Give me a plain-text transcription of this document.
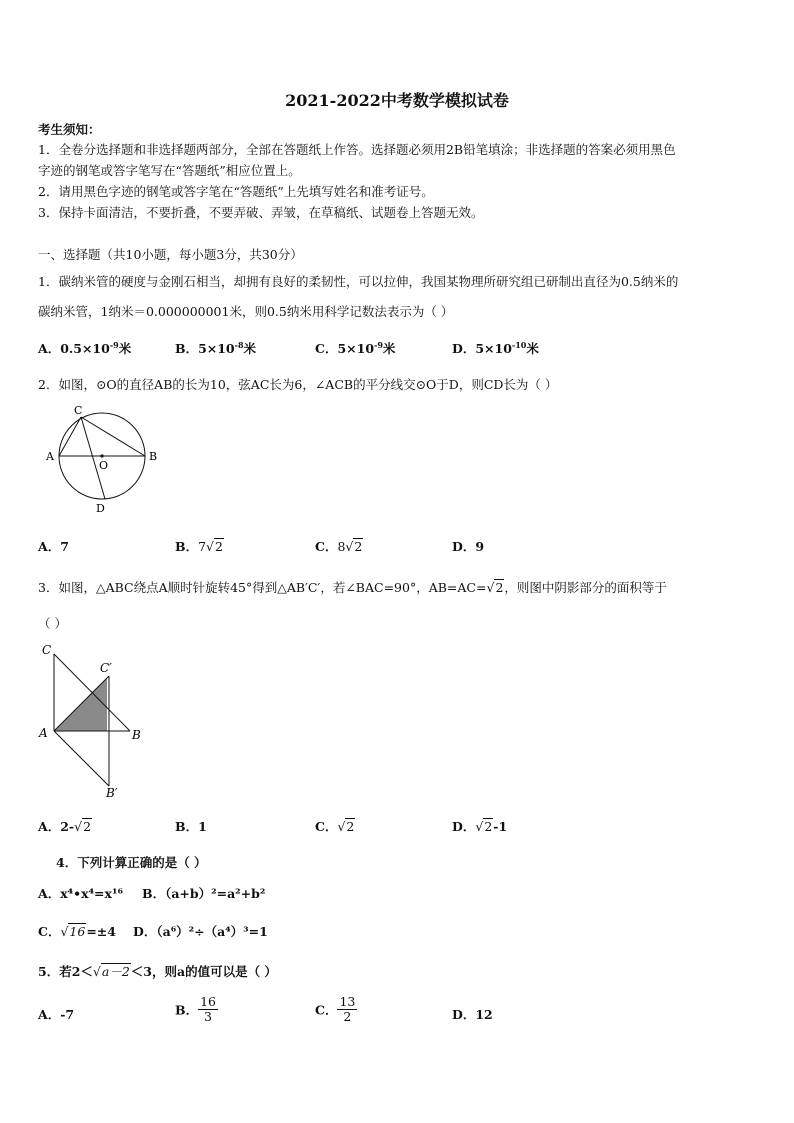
2021-2022中考数学模拟试卷
考生须知：
1．全卷分选择题和非选择题两部分，全部在答题纸上作答。选择题必须用2B铅笔填涂；非选择题的答案必须用黑色
字迹的钢笔或答字笔写在“答题纸”相应位置上。
2．请用黑色字迹的钢笔或答字笔在“答题纸”上先填写姓名和准考证号。
3．保持卡面清洁，不要折叠，不要弄破、弄皱，在草稿纸、试题卷上答题无效。
一、选择题（共10小题，每小题3分，共30分）
1．碳纳米管的硬度与金刚石相当，却拥有良好的柔韧性，可以拉伸，我国某物理所研究组已研制出直径为0.5纳米的
碳纳米管，1纳米＝0.000000001米，则0.5纳米用科学记数法表示为（ ）
A．$0.5\times 10^{-9}$米	B．$5\times 10^{-8}$米	C．$5\times 10^{-9}$米	D．$5\times 10^{-10}$米
2．如图，⊙O的直径AB的长为10，弦AC长为6，∠ACB的平分线交⊙O于D，则CD长为（ ）
C
A	B
O
D
A．7	B．7√2	C．8√2	D．9
3．如图，△ABC绕点A顺时针旋转45°得到△AB′C′，若∠BAC=90°，AB=AC=√2，则图中阴影部分的面积等于
（ ）
C
C′
A	B
B′
A．2-√2	B．1	C．√2	D．√2-1
4．下列计算正确的是（ ）
A．x⁴•x⁴=x¹⁶ B．（a+b）²=a²+b²
C．√16=±4 D．（a⁶）²÷（a⁴）³=1
5．若2＜√a－2＜3，则a的值可以是（ ）
A．-7	B． $\frac{16}{3}$	C． $\frac{13}{2}$	D．12
